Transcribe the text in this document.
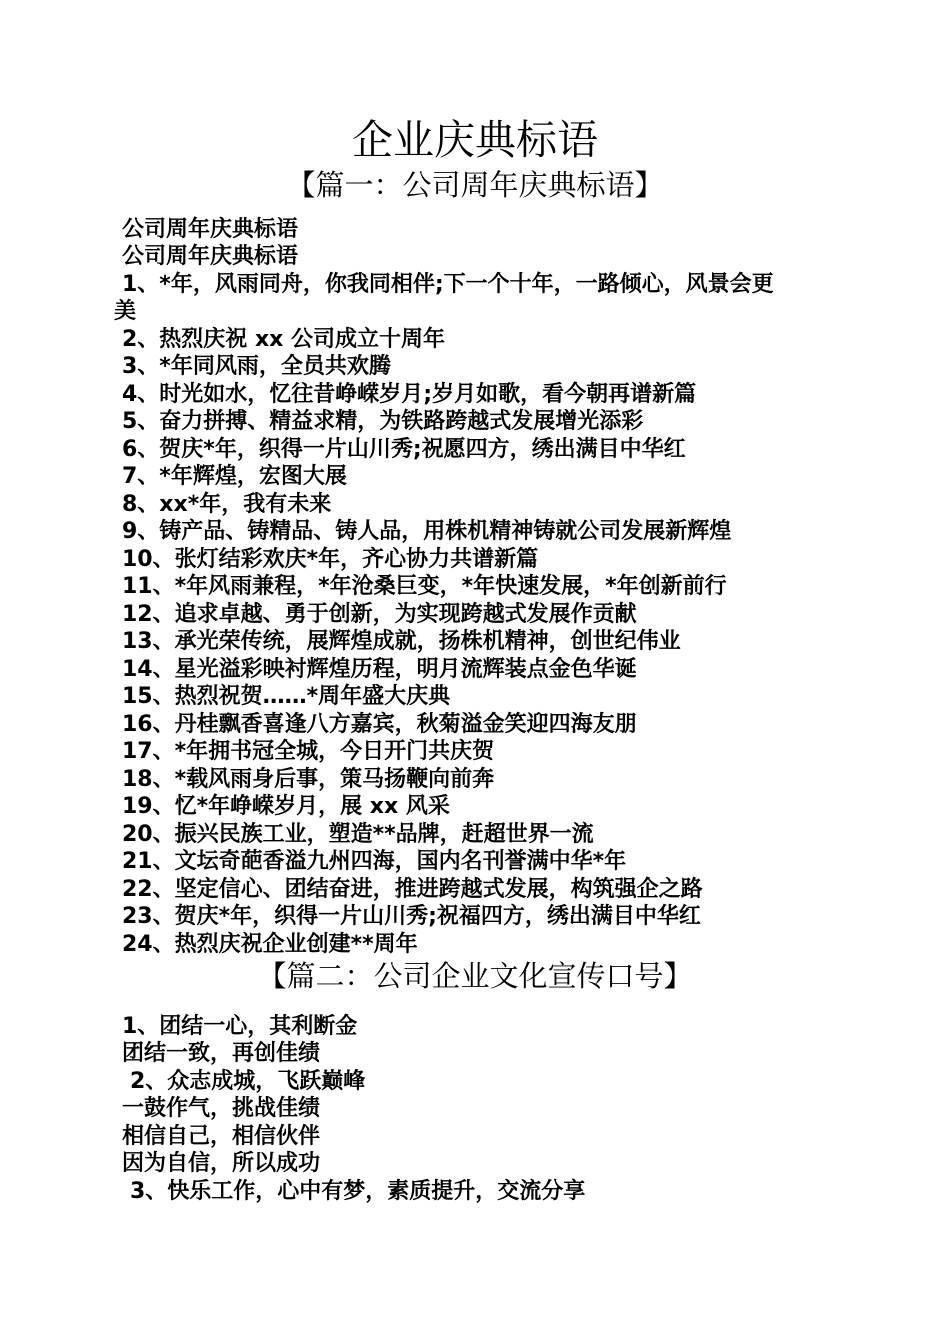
企业庆典标语
【篇一：公司周年庆典标语】
公司周年庆典标语
公司周年庆典标语
1、*年，风雨同舟，你我同相伴;下一个十年，一路倾心，风景会更
美
2、热烈庆祝 xx 公司成立十周年
3、*年同风雨，全员共欢腾
4、时光如水，忆往昔峥嵘岁月;岁月如歌，看今朝再谱新篇
5、奋力拼搏、精益求精，为铁路跨越式发展增光添彩
6、贺庆*年，织得一片山川秀;祝愿四方，绣出满目中华红
7、*年辉煌，宏图大展
8、xx*年，我有未来
9、铸产品、铸精品、铸人品，用株机精神铸就公司发展新辉煌
10、张灯结彩欢庆*年，齐心协力共谱新篇
11、*年风雨兼程，*年沧桑巨变，*年快速发展，*年创新前行
12、追求卓越、勇于创新，为实现跨越式发展作贡献
13、承光荣传统，展辉煌成就，扬株机精神，创世纪伟业
14、星光溢彩映衬辉煌历程，明月流辉装点金色华诞
15、热烈祝贺……*周年盛大庆典
16、丹桂飘香喜逢八方嘉宾，秋菊溢金笑迎四海友朋
17、*年拥书冠全城，今日开门共庆贺
18、*载风雨身后事，策马扬鞭向前奔
19、忆*年峥嵘岁月，展 xx 风采
20、振兴民族工业，塑造**品牌，赶超世界一流
21、文坛奇葩香溢九州四海，国内名刊誉满中华*年
22、坚定信心、团结奋进，推进跨越式发展，构筑强企之路
23、贺庆*年，织得一片山川秀;祝福四方，绣出满目中华红
24、热烈庆祝企业创建**周年
【篇二：公司企业文化宣传口号】
1、团结一心，其利断金
团结一致，再创佳绩
2、众志成城，飞跃巅峰
一鼓作气，挑战佳绩
相信自己，相信伙伴
因为自信，所以成功
3、快乐工作，心中有梦，素质提升，交流分享
